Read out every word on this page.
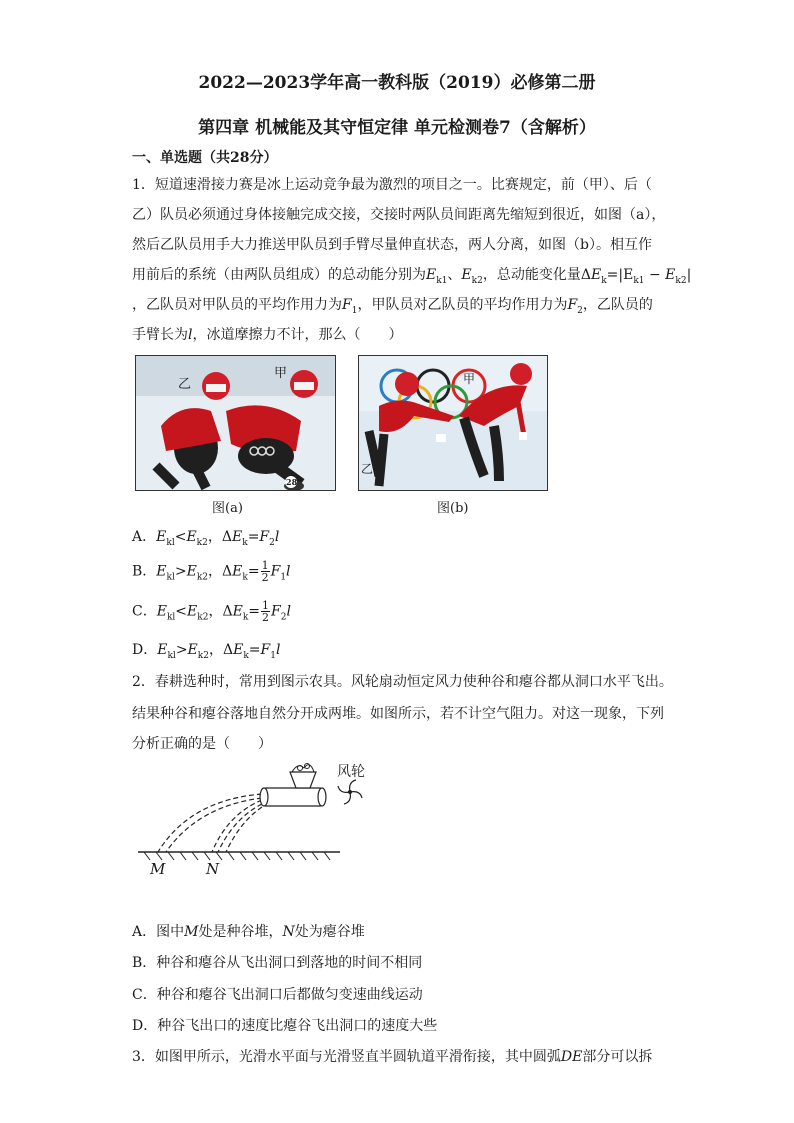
2022—2023学年高一教科版（2019）必修第二册
第四章 机械能及其守恒定律 单元检测卷7（含解析）
一、单选题（共28分）
1．短道速滑接力赛是冰上运动竞争最为激烈的项目之一。比赛规定，前（甲）、后（
乙）队员必须通过身体接触完成交接，交接时两队员间距离先缩短到很近，如图（a），
然后乙队员用手大力推送甲队员到手臂尽量伸直状态，两人分离，如图（b）。相互作
用前后的系统（由两队员组成）的总动能分别为$E_{k1}$、$E_{k2}$，总动能变化量$\Delta E_k=|E_{k1} - E_{k2}|$
，乙队员对甲队员的平均作用力为$F_1$，甲队员对乙队员的平均作用力为$F_2$，乙队员的
手臂长为l，冰道摩擦力不计，那么（　　）
乙
甲
28
图(a)
乙
甲
图(b)
A．$E_{kl}<E_{k2}$，$\Delta E_k=F_2l$
B．$E_{kl}>E_{k2}$，$\Delta E_k= \frac{1}{2} F_1l$
C．$E_{kl}<E_{k2}$，$\Delta E_k= \frac{1}{2} F_2l$
D．$E_{kl}>E_{k2}$，$\Delta E_k=F_1l$
2．春耕选种时，常用到图示农具。风轮扇动恒定风力使种谷和瘪谷都从洞口水平飞出。
结果种谷和瘪谷落地自然分开成两堆。如图所示，若不计空气阻力。对这一现象，下列
分析正确的是（　　）
风轮
M	N
A．图中M处是种谷堆，N处为瘪谷堆
B．种谷和瘪谷从飞出洞口到落地的时间不相同
C．种谷和瘪谷飞出洞口后都做匀变速曲线运动
D．种谷飞出口的速度比瘪谷飞出洞口的速度大些
3．如图甲所示，光滑水平面与光滑竖直半圆轨道平滑衔接，其中圆弧DE部分可以拆
